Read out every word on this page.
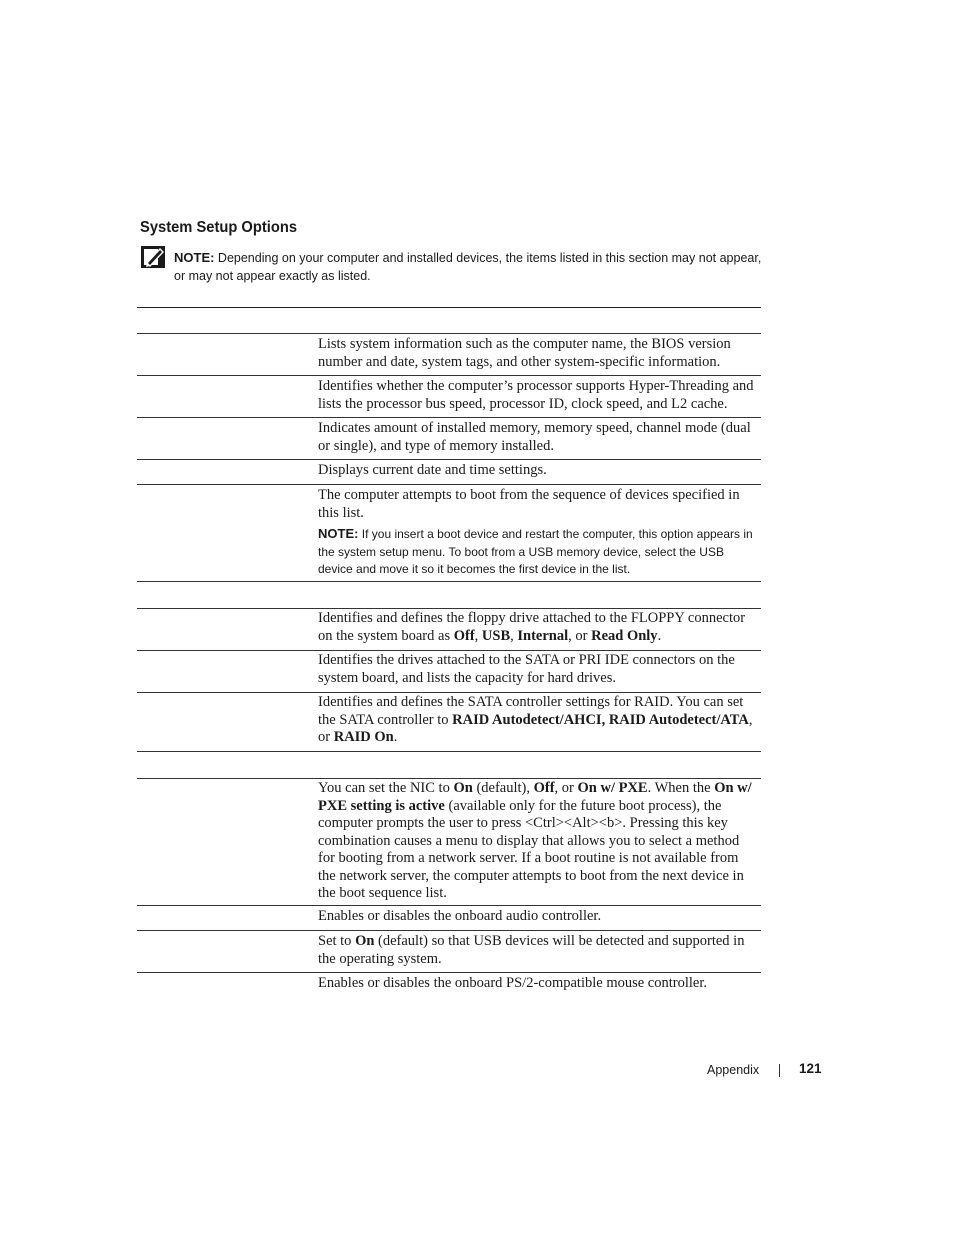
System Setup Options
NOTE: Depending on your computer and installed devices, the items listed in this section may not appear, or may not appear exactly as listed.
Lists system information such as the computer name, the BIOS version number and date, system tags, and other system-specific information.
Identifies whether the computer’s processor supports Hyper-Threading and lists the processor bus speed, processor ID, clock speed, and L2 cache.
Indicates amount of installed memory, memory speed, channel mode (dual or single), and type of memory installed.
Displays current date and time settings.
The computer attempts to boot from the sequence of devices specified in this list.
NOTE: If you insert a boot device and restart the computer, this option appears in the system setup menu. To boot from a USB memory device, select the USB device and move it so it becomes the first device in the list.
Identifies and defines the floppy drive attached to the FLOPPY connector on the system board as Off, USB, Internal, or Read Only.
Identifies the drives attached to the SATA or PRI IDE connectors on the system board, and lists the capacity for hard drives.
Identifies and defines the SATA controller settings for RAID. You can set the SATA controller to RAID Autodetect/AHCI, RAID Autodetect/ATA, or RAID On.
You can set the NIC to On (default), Off, or On w/ PXE. When the On w/ PXE setting is active (available only for the future boot process), the computer prompts the user to press <Ctrl><Alt><b>. Pressing this key combination causes a menu to display that allows you to select a method for booting from a network server. If a boot routine is not available from the network server, the computer attempts to boot from the next device in the boot sequence list.
Enables or disables the onboard audio controller.
Set to On (default) so that USB devices will be detected and supported in the operating system.
Enables or disables the onboard PS/2-compatible mouse controller.
Appendix	121
